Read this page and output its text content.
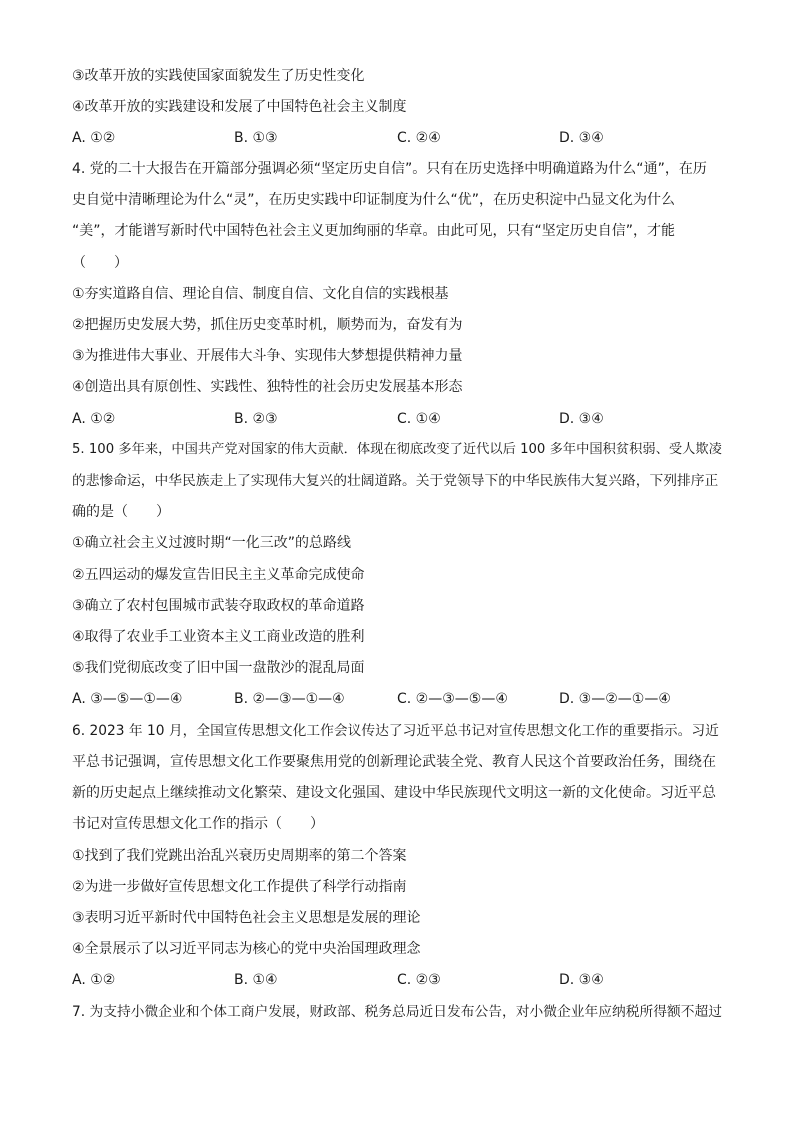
③改革开放的实践使国家面貌发生了历史性变化
④改革开放的实践建设和发展了中国特色社会主义制度
A. ①②	B. ①③	C. ②④	D. ③④
4. 党的二十大报告在开篇部分强调必须“坚定历史自信”。只有在历史选择中明确道路为什么“通”，在历
史自觉中清晰理论为什么“灵”，在历史实践中印证制度为什么“优”，在历史积淀中凸显文化为什么
“美”，才能谱写新时代中国特色社会主义更加绚丽的华章。由此可见，只有“坚定历史自信”，才能
（　　）
①夯实道路自信、理论自信、制度自信、文化自信的实践根基
②把握历史发展大势，抓住历史变革时机，顺势而为，奋发有为
③为推进伟大事业、开展伟大斗争、实现伟大梦想提供精神力量
④创造出具有原创性、实践性、独特性的社会历史发展基本形态
A. ①②	B. ②③	C. ①④	D. ③④
5. 100 多年来，中国共产党对国家的伟大贡献．体现在彻底改变了近代以后 100 多年中国积贫积弱、受人欺凌
的悲惨命运，中华民族走上了实现伟大复兴的壮阔道路。关于党领导下的中华民族伟大复兴路，下列排序正
确的是（　　）
①确立社会主义过渡时期“一化三改”的总路线
②五四运动的爆发宣告旧民主主义革命完成使命
③确立了农村包围城市武装夺取政权的革命道路
④取得了农业手工业资本主义工商业改造的胜利
⑤我们党彻底改变了旧中国一盘散沙的混乱局面
A. ③—⑤—①—④	B. ②—③—①—④	C. ②—③—⑤—④	D. ③—②—①—④
6. 2023 年 10 月，全国宣传思想文化工作会议传达了习近平总书记对宣传思想文化工作的重要指示。习近
平总书记强调，宣传思想文化工作要聚焦用党的创新理论武装全党、教育人民这个首要政治任务，围绕在
新的历史起点上继续推动文化繁荣、建设文化强国、建设中华民族现代文明这一新的文化使命。习近平总
书记对宣传思想文化工作的指示（　　）
①找到了我们党跳出治乱兴衰历史周期率的第二个答案
②为进一步做好宣传思想文化工作提供了科学行动指南
③表明习近平新时代中国特色社会主义思想是发展的理论
④全景展示了以习近平同志为核心的党中央治国理政理念
A. ①②	B. ①④	C. ②③	D. ③④
7. 为支持小微企业和个体工商户发展，财政部、税务总局近日发布公告，对小微企业年应纳税所得额不超过
